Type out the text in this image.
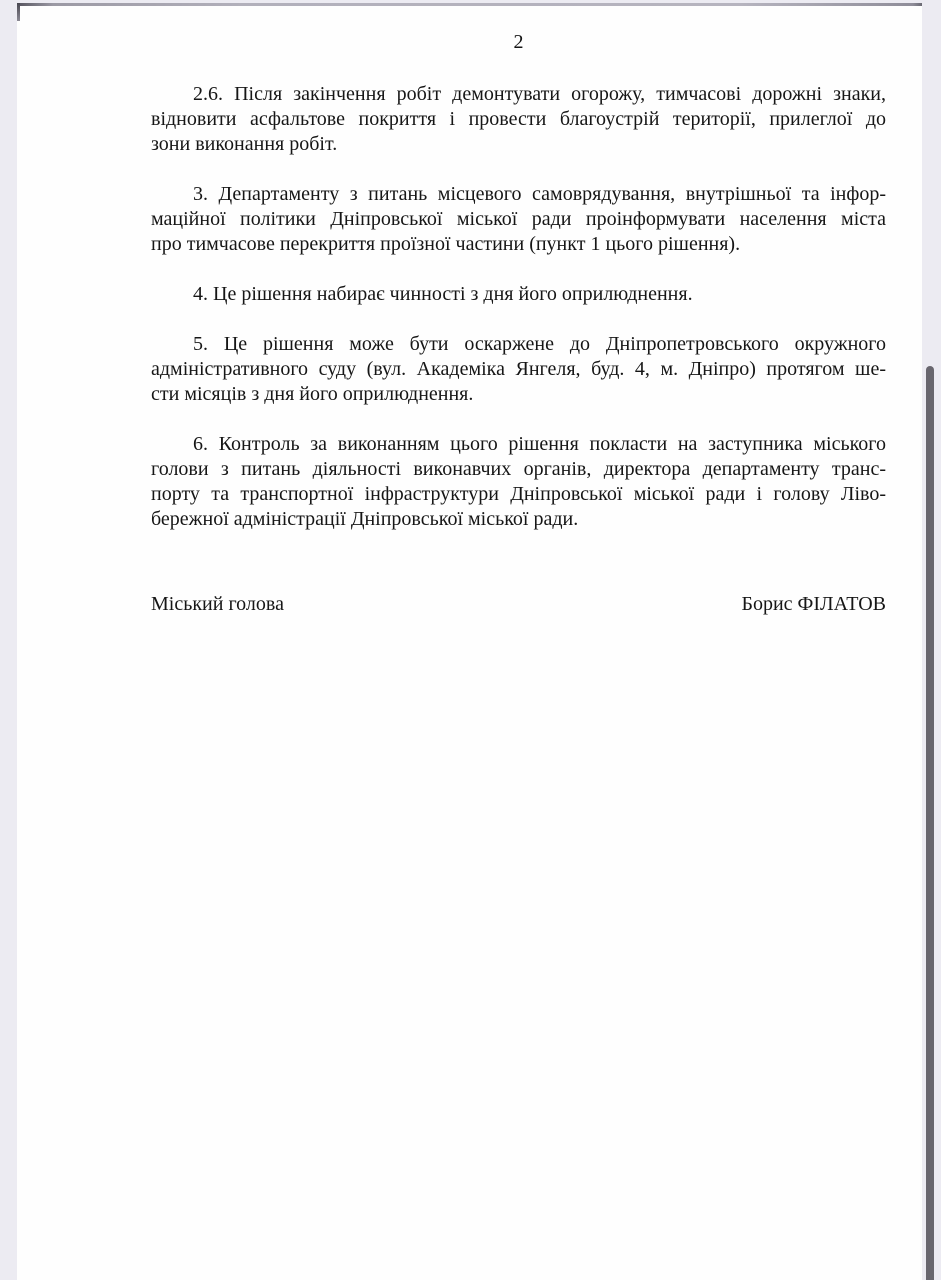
2
2.6. Після закінчення робіт демонтувати огорожу, тимчасові дорожні знаки,
відновити асфальтове покриття і провести благоустрій території, прилеглої до
зони виконання робіт.
3. Департаменту з питань місцевого самоврядування, внутрішньої та інфор-
маційної політики Дніпровської міської ради проінформувати населення міста
про тимчасове перекриття проїзної частини (пункт 1 цього рішення).
4. Це рішення набирає чинності з дня його оприлюднення.
5. Це рішення може бути оскаржене до Дніпропетровського окружного
адміністративного суду (вул. Академіка Янгеля, буд. 4, м. Дніпро) протягом ше-
сти місяців з дня його оприлюднення.
6. Контроль за виконанням цього рішення покласти на заступника міського
голови з питань діяльності виконавчих органів, директора департаменту транс-
порту та транспортної інфраструктури Дніпровської міської ради і голову Ліво-
бережної адміністрації Дніпровської міської ради.
Міський голова	Борис ФІЛАТОВ
